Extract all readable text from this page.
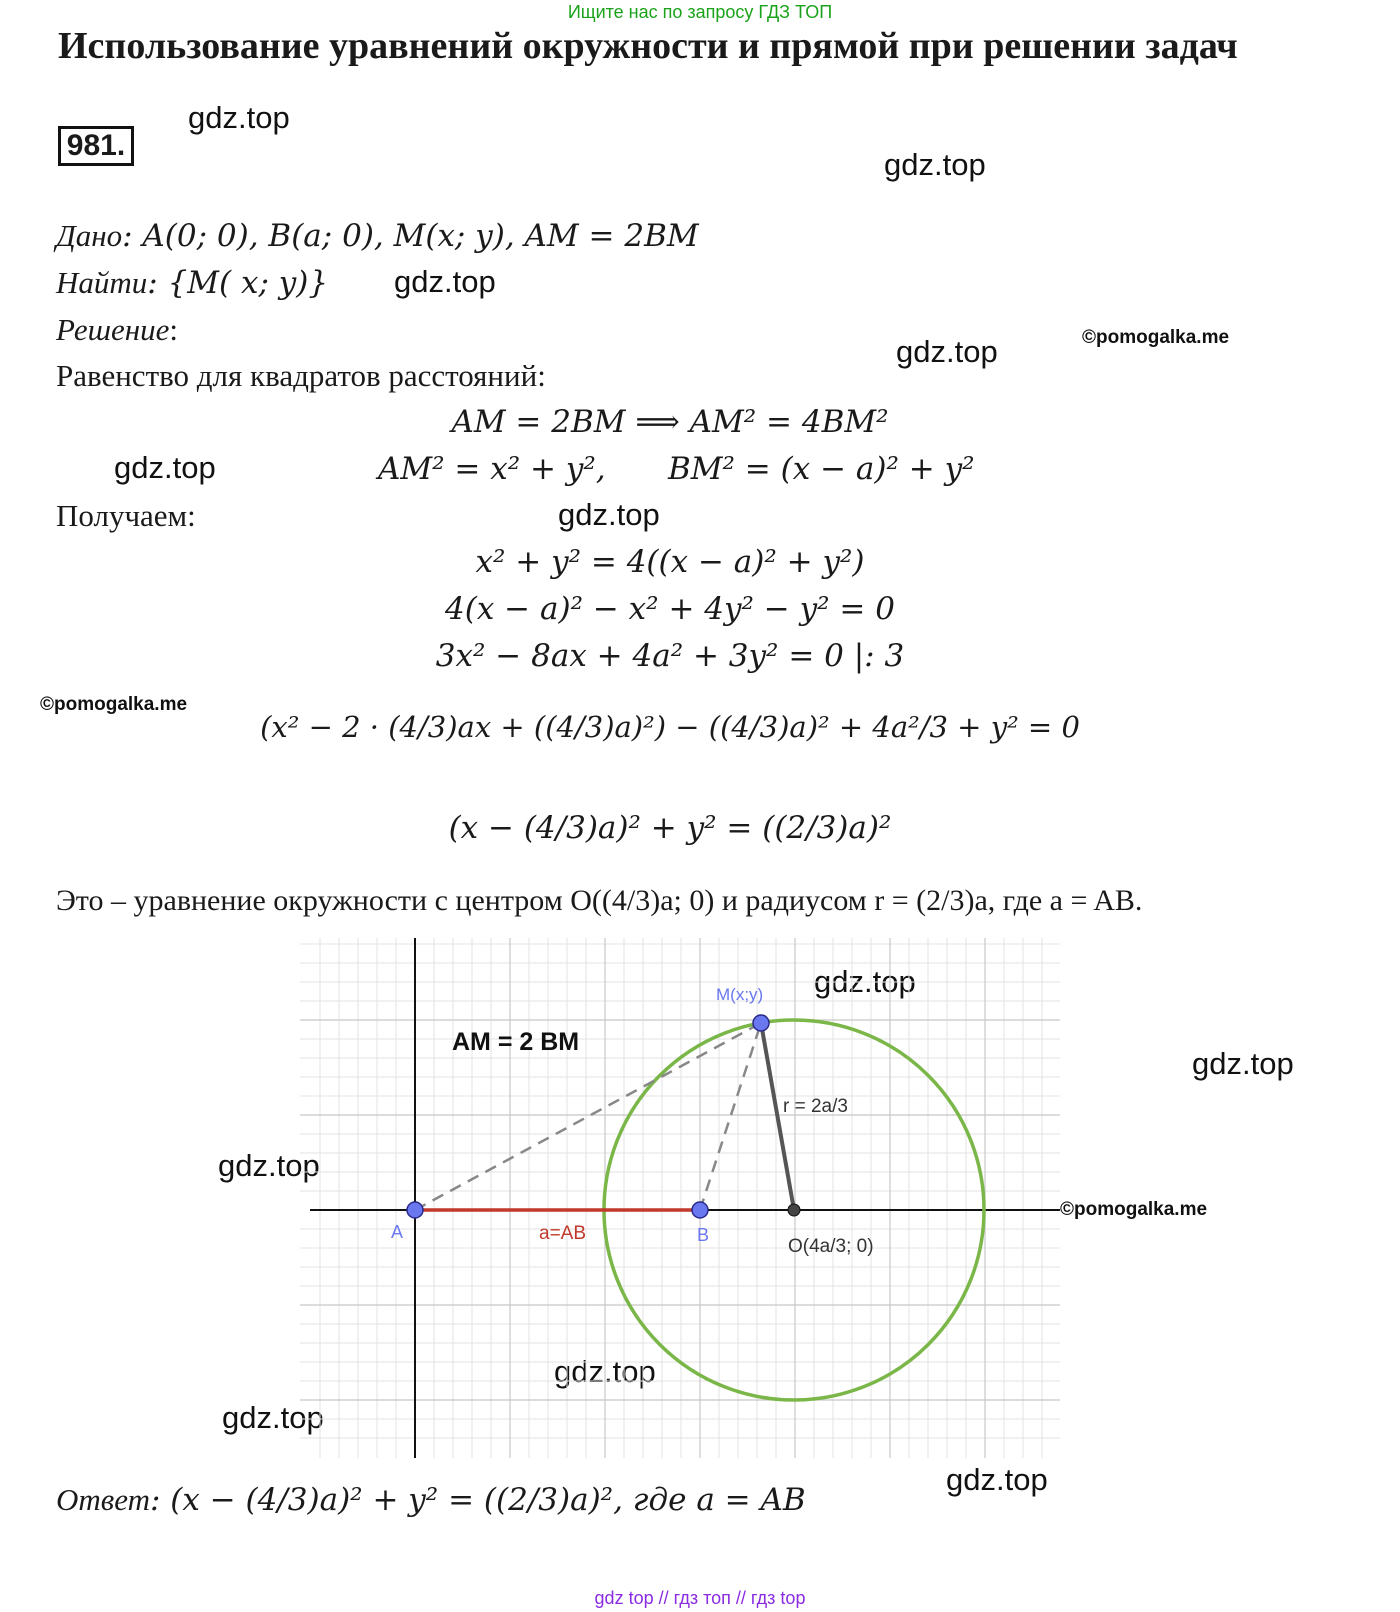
Ищите нас по запросу ГДЗ ТОП
Использование уравнений окружности и прямой при решении задач
981.
gdz.top
gdz.top
gdz.top
gdz.top
gdz.top
gdz.top
gdz.top
gdz.top
gdz.top
gdz.top
gdz.top
gdz.top
©pomogalka.me
©pomogalka.me
©pomogalka.me
Дано: A(0; 0), B(a; 0), M(x; y), AM = 2BM
Найти: {M( x; y)}
Решение:
Равенство для квадратов расстояний:
AM = 2BM ⟹ AM² = 4BM²
AM² = x² + y², BM² = (x − a)² + y²
Получаем:
x² + y² = 4((x − a)² + y²)
4(x − a)² − x² + 4y² − y² = 0
3x² − 8ax + 4a² + 3y² = 0 |: 3
(x² − 2 · (4/3)ax + ((4/3)a)²) − ((4/3)a)² + 4a²/3 + y² = 0
(x − (4/3)a)² + y² = ((2/3)a)²
Это – уравнение окружности с центром O((4/3)a; 0) и радиусом r = (2/3)a, где a = AB.
M(x;y)
AM = 2 BM
r = 2a/3
A	a=AB	B
O(4a/3; 0)
Ответ: (x − (4/3)a)² + y² = ((2/3)a)², где a = AB
gdz top // гдз топ // гдз top
